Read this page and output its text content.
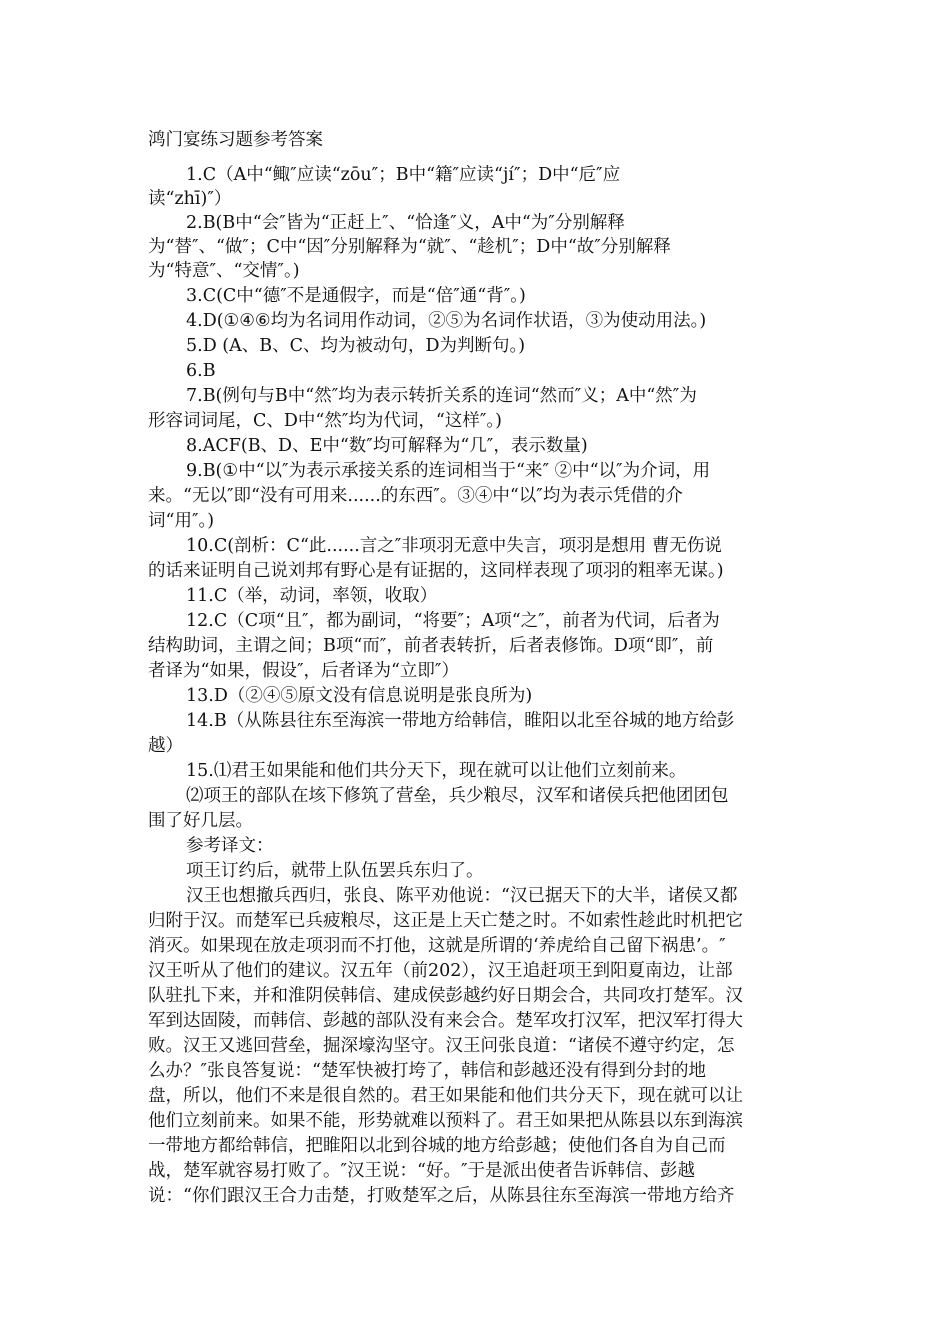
鸿门宴练习题参考答案
1.C（A中“鲰″应读“zōu″；B中“籍″应读“jí″；D中“卮″应
读“zhī)″）
2.B(B中“会″皆为“正赶上″、“恰逢″义，A中“为″分别解释
为“替″、“做″；C中“因″分别解释为“就″、“趁机″；D中“故″分别解释
为“特意″、“交情″。)
3.C(C中“德″不是通假字，而是“倍″通“背″。)
4.D(①④⑥均为名词用作动词，②⑤为名词作状语，③为使动用法。)
5.D (A、B、C、均为被动句，D为判断句。)
6.B
7.B(例句与B中“然″均为表示转折关系的连词“然而″义；A中“然″为
形容词词尾，C、D中“然″均为代词，“这样″。)
8.ACF(B、D、E中“数″均可解释为“几″，表示数量)
9.B(①中“以″为表示承接关系的连词相当于“来″ ②中“以″为介词，用
来。“无以″即“没有可用来......的东西″。③④中“以″均为表示凭借的介
词“用″。)
10.C(剖析：C“此......言之″非项羽无意中失言，项羽是想用 曹无伤说
的话来证明自己说刘邦有野心是有证据的，这同样表现了项羽的粗率无谋。)
11.C（举，动词，率领，收取）
12.C（C项“且″，都为副词，“将要″；A项“之″，前者为代词，后者为
结构助词，主谓之间；B项“而″，前者表转折，后者表修饰。D项“即″，前
者译为“如果，假设″，后者译为“立即″）
13.D（②④⑤原文没有信息说明是张良所为)
14.B（从陈县往东至海滨一带地方给韩信，睢阳以北至谷城的地方给彭
越）
15.⑴君王如果能和他们共分天下，现在就可以让他们立刻前来。
⑵项王的部队在垓下修筑了营垒，兵少粮尽，汉军和诸侯兵把他团团包
围了好几层。
参考译文：
项王订约后，就带上队伍罢兵东归了。
汉王也想撤兵西归，张良、陈平劝他说：“汉已据天下的大半，诸侯又都
归附于汉。而楚军已兵疲粮尽，这正是上天亡楚之时。不如索性趁此时机把它
消灭。如果现在放走项羽而不打他，这就是所谓的‘养虎给自己留下祸患’。″
汉王听从了他们的建议。汉五年（前202），汉王追赶项王到阳夏南边，让部
队驻扎下来，并和淮阴侯韩信、建成侯彭越约好日期会合，共同攻打楚军。汉
军到达固陵，而韩信、彭越的部队没有来会合。楚军攻打汉军，把汉军打得大
败。汉王又逃回营垒，掘深壕沟坚守。汉王问张良道：“诸侯不遵守约定，怎
么办？″张良答复说：“楚军快被打垮了，韩信和彭越还没有得到分封的地
盘，所以，他们不来是很自然的。君王如果能和他们共分天下，现在就可以让
他们立刻前来。如果不能，形势就难以预料了。君王如果把从陈县以东到海滨
一带地方都给韩信，把睢阳以北到谷城的地方给彭越；使他们各自为自己而
战，楚军就容易打败了。″汉王说：“好。″于是派出使者告诉韩信、彭越
说：“你们跟汉王合力击楚，打败楚军之后，从陈县往东至海滨一带地方给齐
